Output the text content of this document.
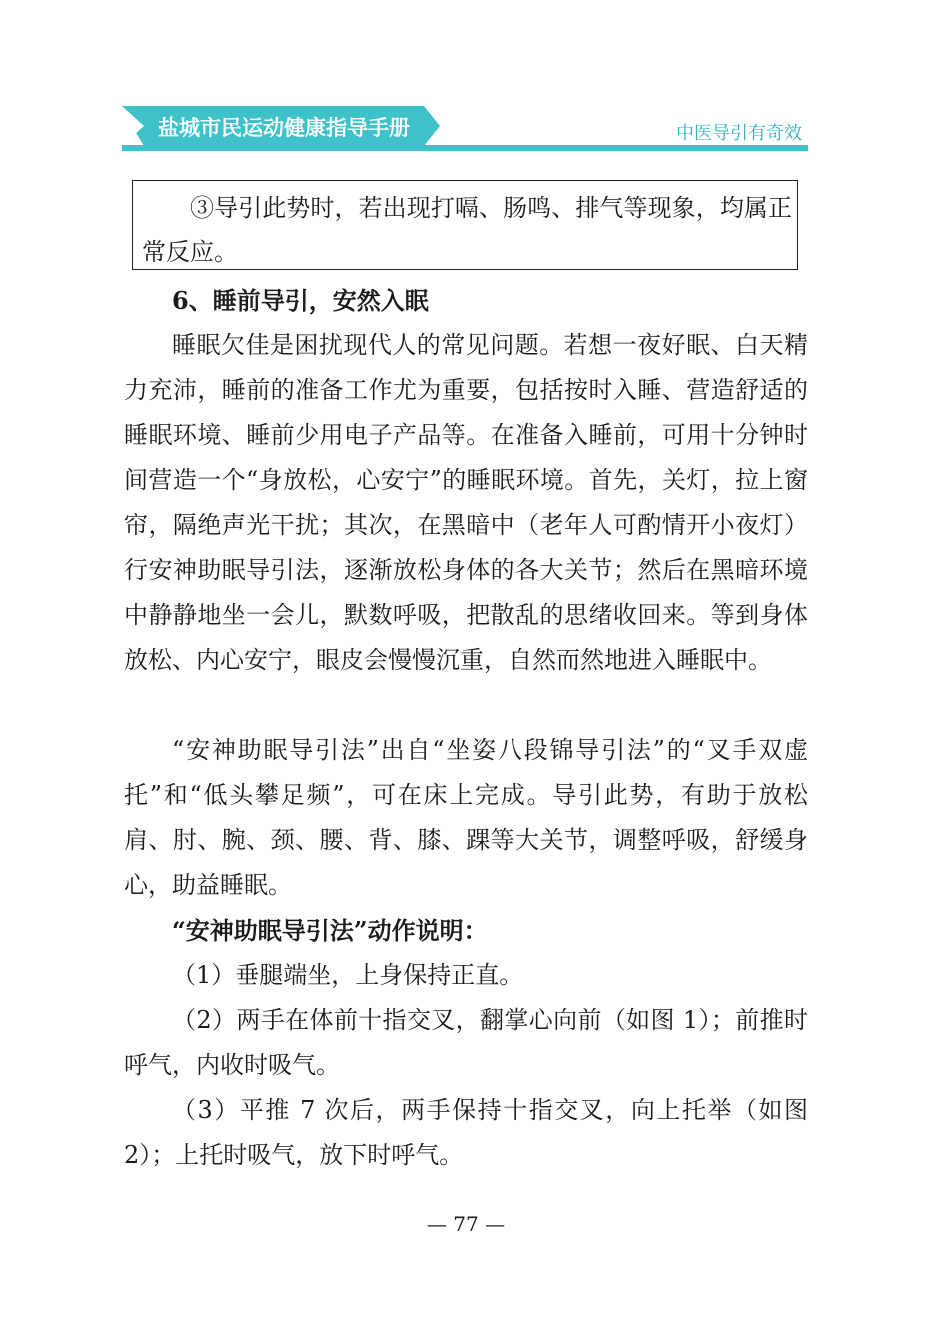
盐城市民运动健康指导手册	中医导引有奇效
③导引此势时，若出现打嗝、肠鸣、排气等现象，均属正常反应。
6、睡前导引，安然入眠
睡眠欠佳是困扰现代人的常见问题。若想一夜好眠、白天精力充沛，睡前的准备工作尤为重要，包括按时入睡、营造舒适的睡眠环境、睡前少用电子产品等。在准备入睡前，可用十分钟时间营造一个“身放松，心安宁”的睡眠环境。首先，关灯，拉上窗帘，隔绝声光干扰；其次，在黑暗中（老年人可酌情开小夜灯）行安神助眠导引法，逐渐放松身体的各大关节；然后在黑暗环境中静静地坐一会儿，默数呼吸，把散乱的思绪收回来。等到身体放松、内心安宁，眼皮会慢慢沉重，自然而然地进入睡眠中。
“安神助眠导引法”出自“坐姿八段锦导引法”的“叉手双虚托”和“低头攀足频”，可在床上完成。导引此势，有助于放松肩、肘、腕、颈、腰、背、膝、踝等大关节，调整呼吸，舒缓身心，助益睡眠。
“安神助眠导引法”动作说明：
（1）垂腿端坐，上身保持正直。
（2）两手在体前十指交叉，翻掌心向前（如图 1）；前推时呼气，内收时吸气。
（3）平推 7 次后，两手保持十指交叉，向上托举（如图 2）；上托时吸气，放下时呼气。
— 77 —
